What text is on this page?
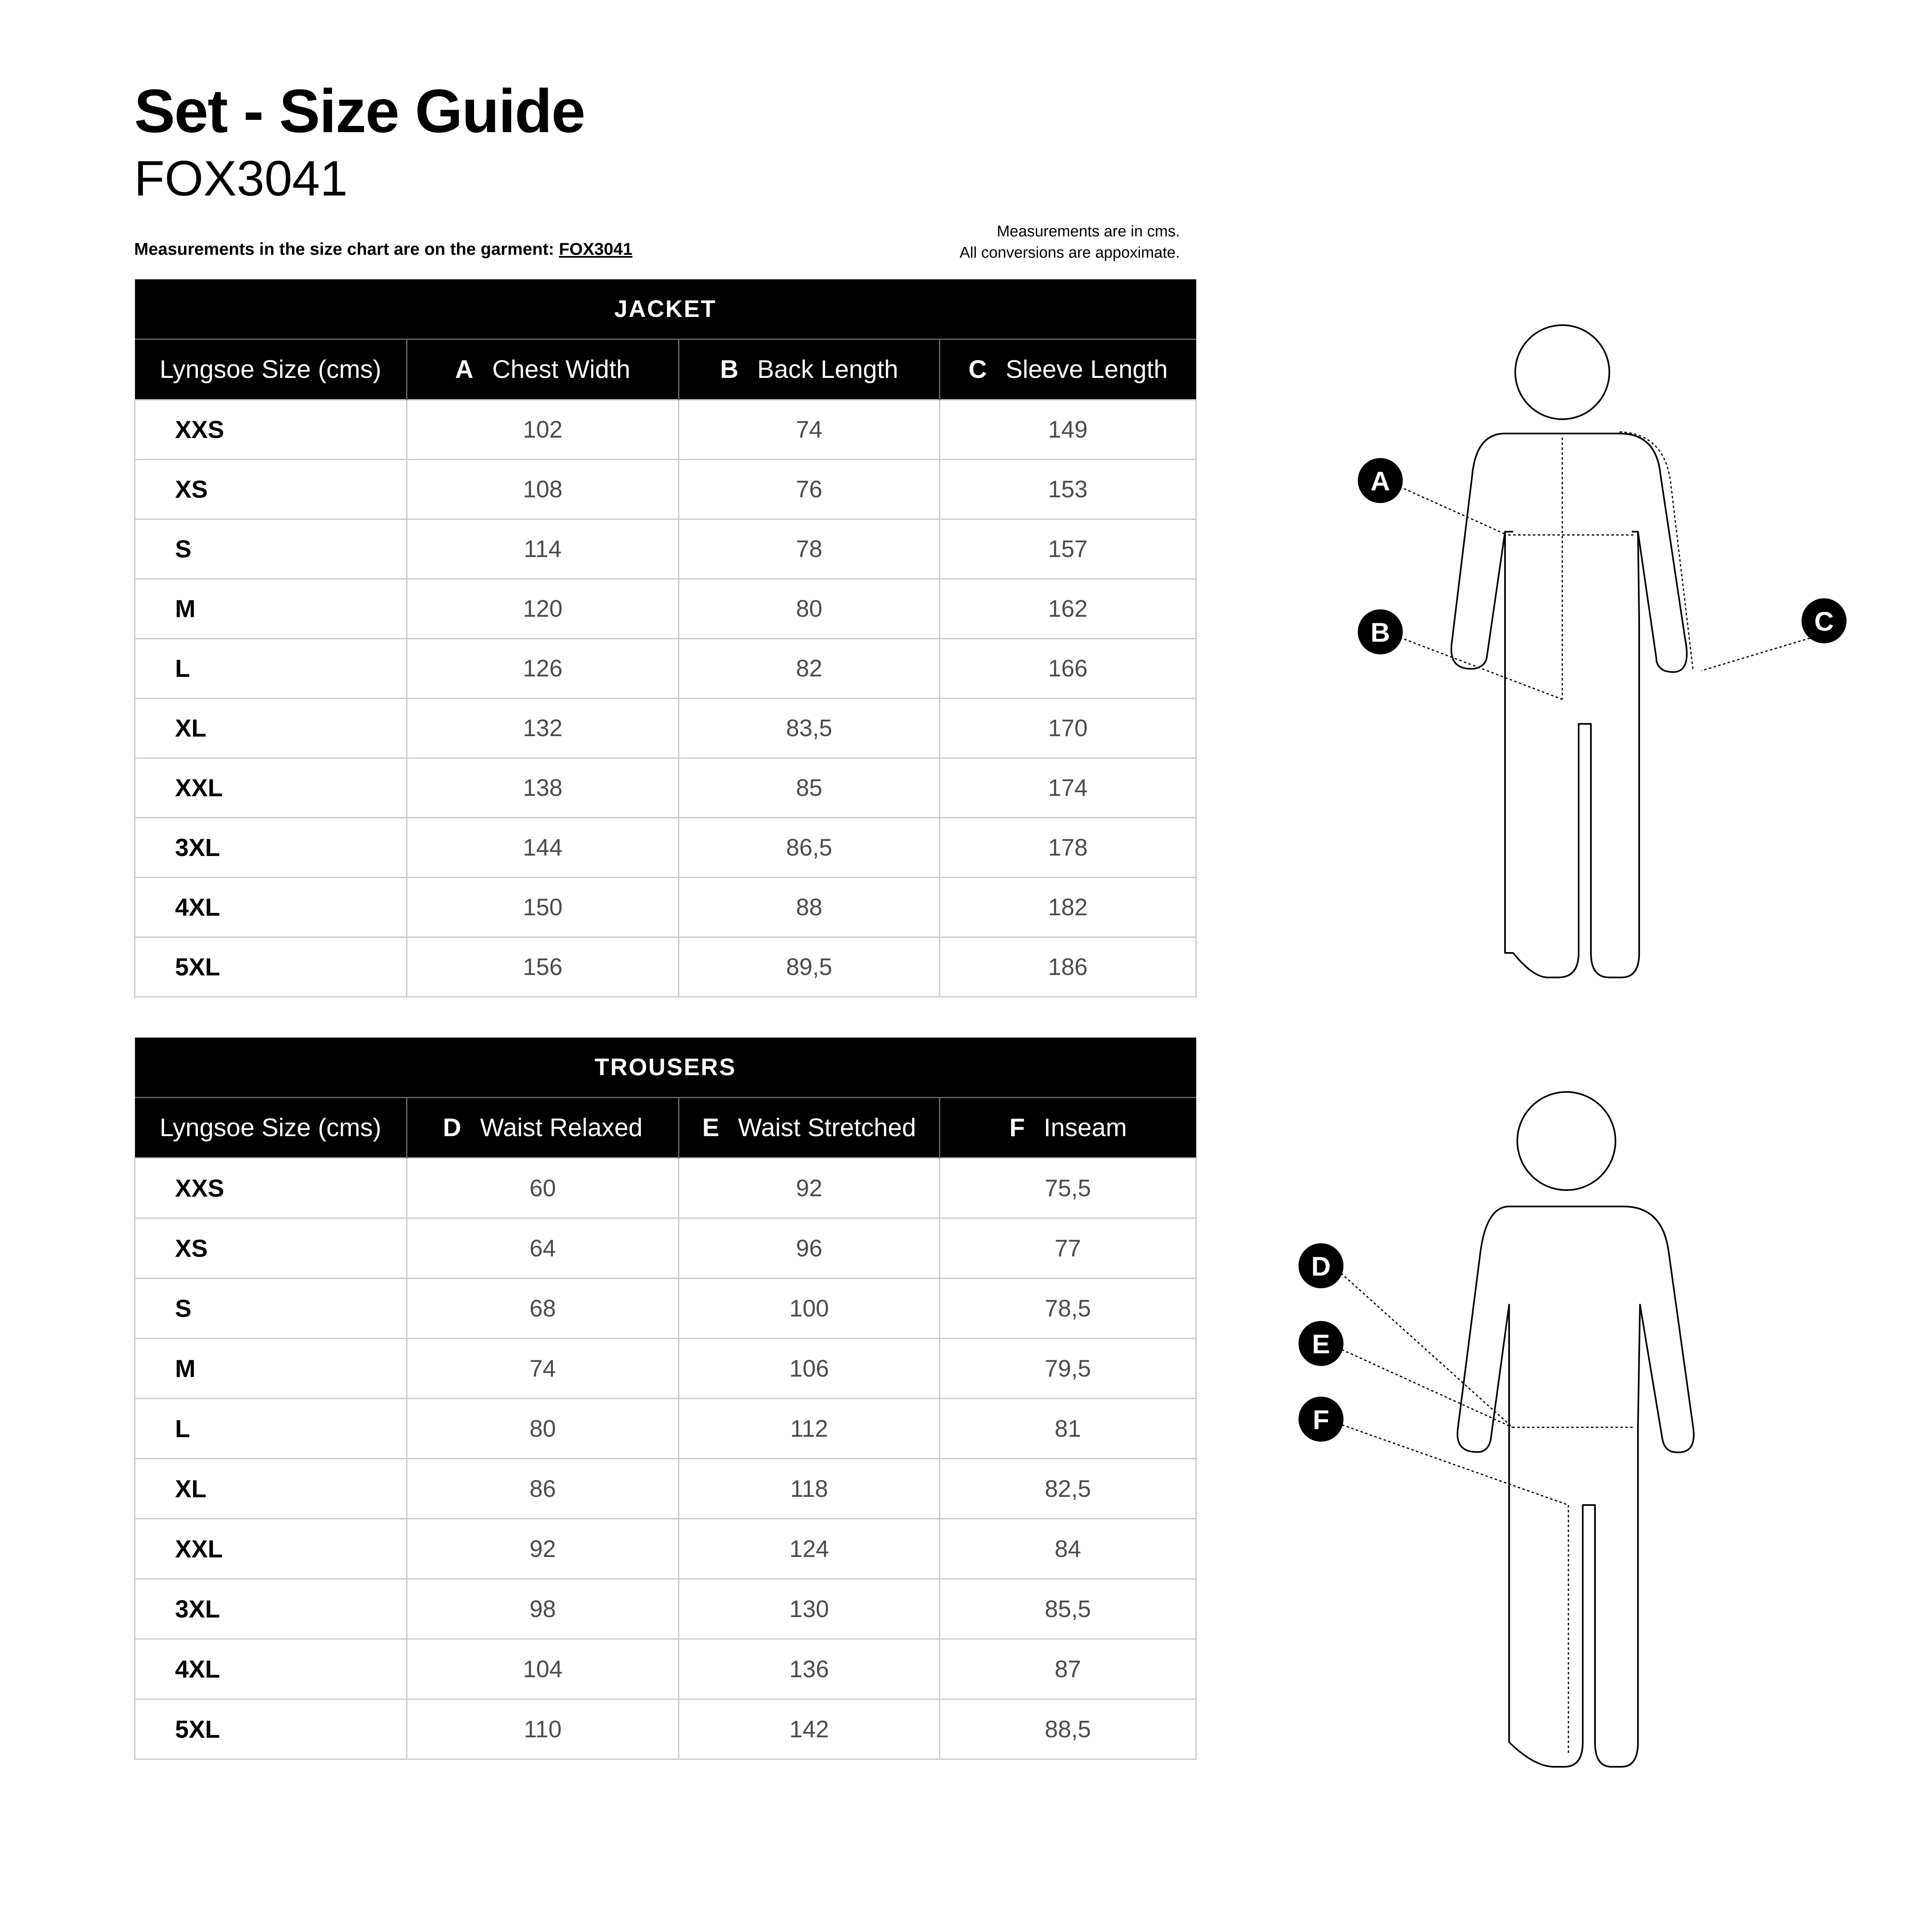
Set - Size Guide
FOX3041
Measurements in the size chart are on the garment: FOX3041
Measurements are in cms.
All conversions are appoximate.
JACKET			
Lyngsoe Size (cms)	A Chest Width	B Back Length	C Sleeve Length
XXS	102	74	149
XS	108	76	153
S	114	78	157
M	120	80	162
L	126	82	166
XL	132	83,5	170
XXL	138	85	174
3XL	144	86,5	178
4XL	150	88	182
5XL	156	89,5	186
TROUSERS			
Lyngsoe Size (cms)	D Waist Relaxed	E Waist Stretched	F Inseam
XXS	60	92	75,5
XS	64	96	77
S	68	100	78,5
M	74	106	79,5
L	80	112	81
XL	86	118	82,5
XXL	92	124	84
3XL	98	130	85,5
4XL	104	136	87
5XL	110	142	88,5
A
B	C
D
E
F
